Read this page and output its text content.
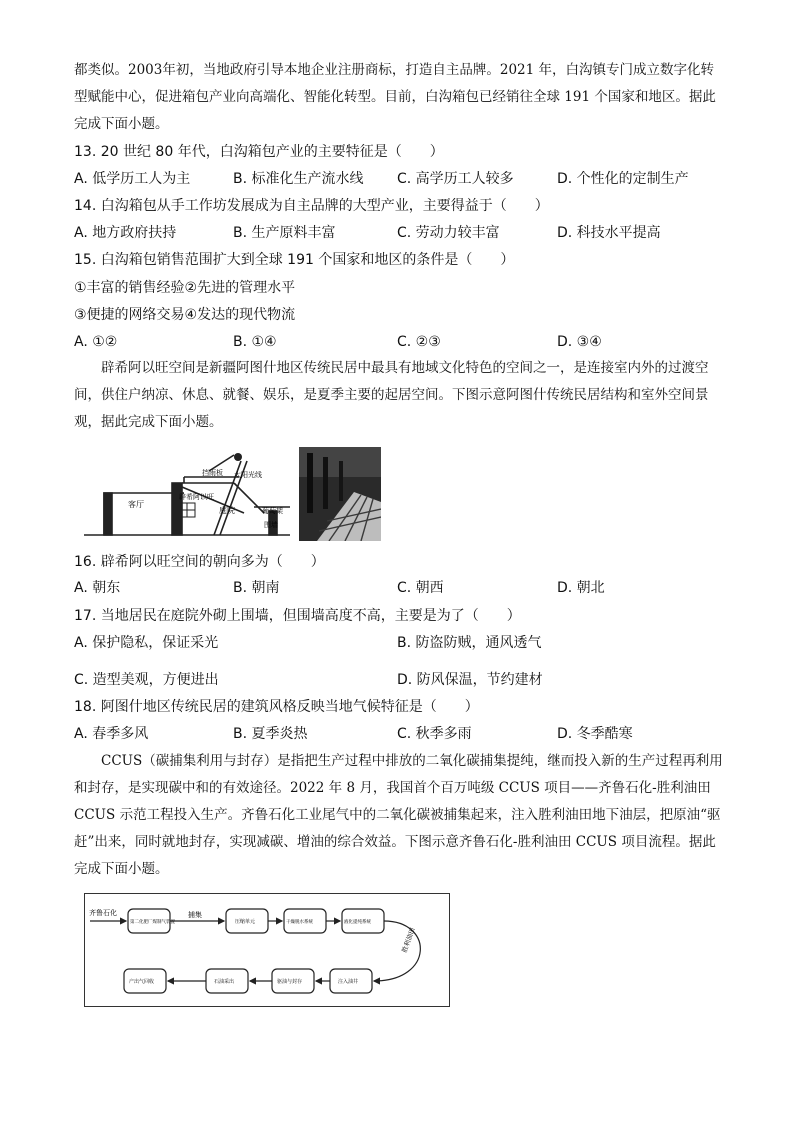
都类似。2003年初，当地政府引导本地企业注册商标，打造自主品牌。2021 年，白沟镇专门成立数字化转型赋能中心，促进箱包产业向高端化、智能化转型。目前，白沟箱包已经销往全球 191 个国家和地区。据此完成下面小题。
13. 20 世纪 80 年代，白沟箱包产业的主要特征是（　　）
A. 低学历工人为主	B. 标准化生产流水线 C. 高学历工人较多	D. 个性化的定制生产
14. 白沟箱包从手工作坊发展成为自主品牌的大型产业，主要得益于（　　）
A. 地方政府扶持	B. 生产原料丰富	C. 劳动力较丰富	D. 科技水平提高
15. 白沟箱包销售范围扩大到全球 191 个国家和地区的条件是（　　）
①丰富的销售经验②先进的管理水平
③便捷的网络交易④发达的现代物流
A. ①②	B. ①④	C. ②③	D. ③④
辟希阿以旺空间是新疆阿图什地区传统民居中最具有地域文化特色的空间之一，是连接室内外的过渡空间，供住户纳凉、休息、就餐、娱乐，是夏季主要的起居空间。下图示意阿图什传统民居结构和室外空间景观，据此完成下面小题。
挡雨板 太阳光线
客厅
辟希阿以旺
庭院	葡萄架
围墙
16. 辟希阿以旺空间的朝向多为（　　）
A. 朝东	B. 朝南	C. 朝西	D. 朝北
17. 当地居民在庭院外砌上围墙，但围墙高度不高，主要是为了（　　）
A. 保护隐私，保证采光	B. 防盗防贼，通风透气
C. 造型美观，方便进出	D. 防风保温，节约建材
18. 阿图什地区传统民居的建筑风格反映当地气候特征是（　　）
A. 春季多风	B. 夏季炎热	C. 秋季多雨	D. 冬季酷寒
CCUS（碳捕集利用与封存）是指把生产过程中排放的二氧化碳捕集提纯，继而投入新的生产过程再利用和封存，是实现碳中和的有效途径。2022 年 8 月，我国首个百万吨级 CCUS 项目——齐鲁石化-胜利油田 CCUS 示范工程投入生产。齐鲁石化工业尾气中的二氧化碳被捕集起来，注入胜利油田地下油层，把原油“驱赶”出来，同时就地封存，实现减碳、增油的综合效益。下图示意齐鲁石化-胜利油田 CCUS 项目流程。据此完成下面小题。
齐鲁石化	捕集
胜利油田
第二化肥厂煤制气装置	压缩单元	干燥脱水系统	液化提纯系统
注入油井
驱油与封存
石油采出
产出气回收
